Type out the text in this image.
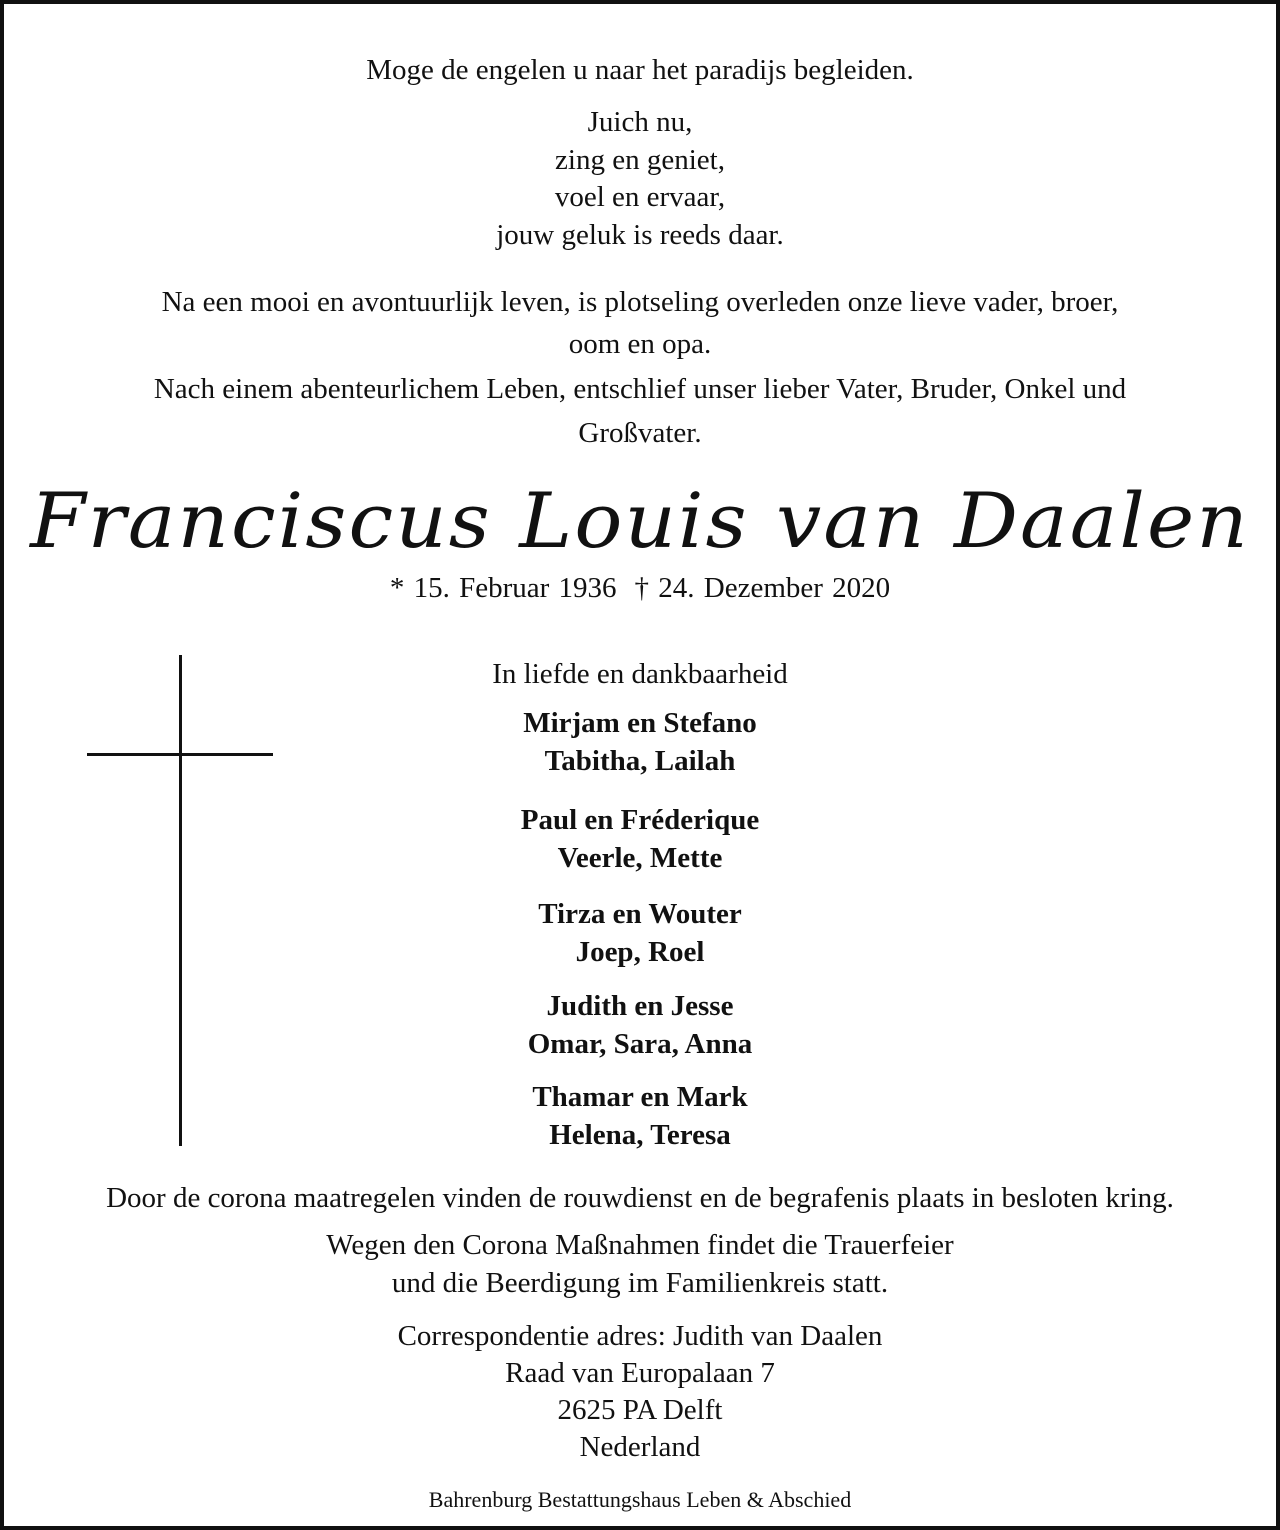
Moge de engelen u naar het paradijs begleiden.
Juich nu,
zing en geniet,
voel en ervaar,
jouw geluk is reeds daar.
Na een mooi en avontuurlijk leven, is plotseling overleden onze lieve vader, broer,
oom en opa.
Nach einem abenteurlichem Leben, entschlief unser lieber Vater, Bruder, Onkel und
Großvater.
Franciscus Louis van Daalen
* 15. Februar 1936 † 24. Dezember 2020
In liefde en dankbaarheid
Mirjam en Stefano
Tabitha, Lailah
Paul en Fréderique
Veerle, Mette
Tirza en Wouter
Joep, Roel
Judith en Jesse
Omar, Sara, Anna
Thamar en Mark
Helena, Teresa
Door de corona maatregelen vinden de rouwdienst en de begrafenis plaats in besloten kring.
Wegen den Corona Maßnahmen findet die Trauerfeier
und die Beerdigung im Familienkreis statt.
Correspondentie adres: Judith van Daalen
Raad van Europalaan 7
2625 PA Delft
Nederland
Bahrenburg Bestattungshaus Leben & Abschied
